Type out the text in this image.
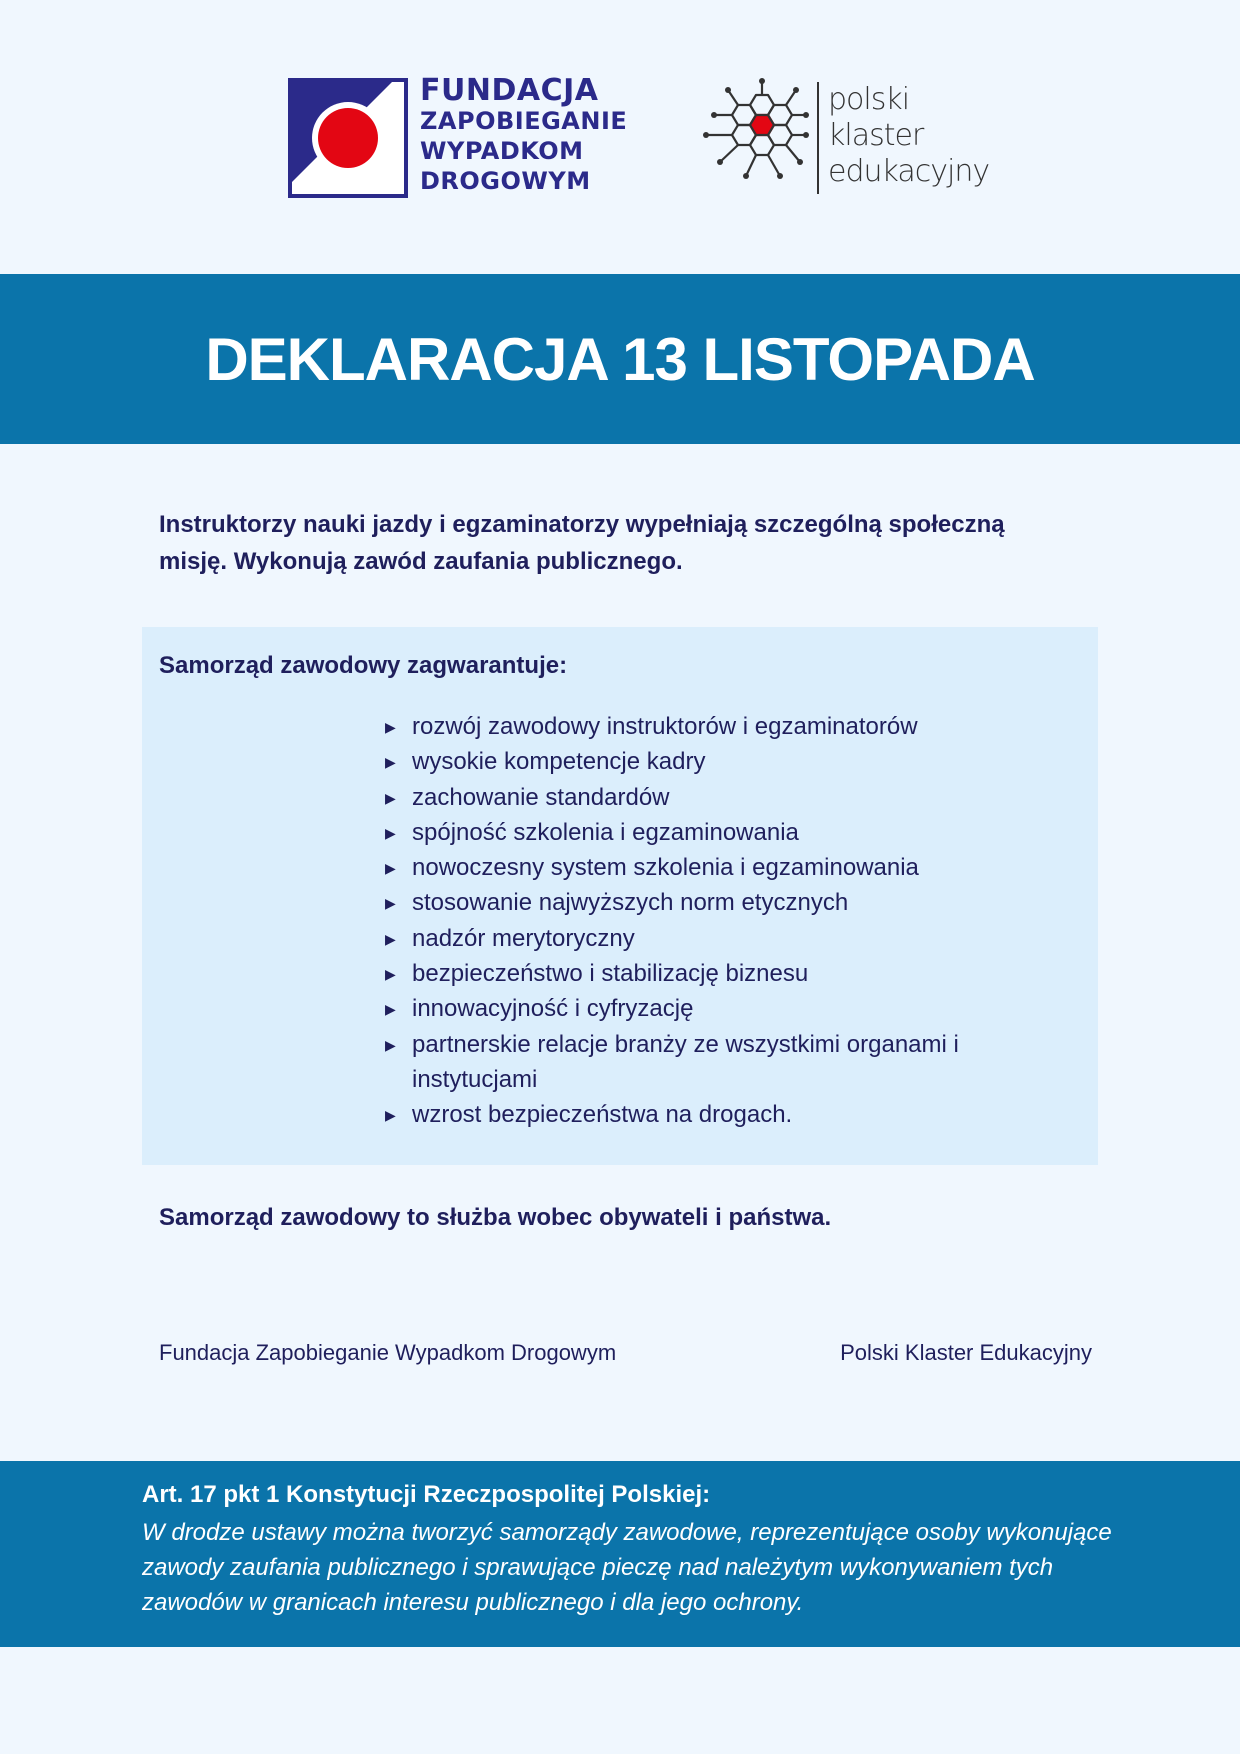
FUNDACJA
ZAPOBIEGANIE
WYPADKOM
DROGOWYM
polski
klaster
edukacyjny
DEKLARACJA 13 LISTOPADA

Instruktorzy nauki jazdy i egzaminatorzy wypełniają szczególną społeczną misję. Wykonują zawód zaufania publicznego.

Samorząd zawodowy zagwarantuje:
▶ rozwój zawodowy instruktorów i egzaminatorów
▶ wysokie kompetencje kadry
▶ zachowanie standardów
▶ spójność szkolenia i egzaminowania
▶ nowoczesny system szkolenia i egzaminowania
▶ stosowanie najwyższych norm etycznych
▶ nadzór merytoryczny
▶ bezpieczeństwo i stabilizację biznesu
▶ innowacyjność i cyfryzację
▶ partnerskie relacje branży ze wszystkimi organami i instytucjami
▶ wzrost bezpieczeństwa na drogach.
Samorząd zawodowy to służba wobec obywateli i państwa.
Fundacja Zapobieganie Wypadkom Drogowym	Polski Klaster Edukacyjny
Art. 17 pkt 1 Konstytucji Rzeczpospolitej Polskiej:
W drodze ustawy można tworzyć samorządy zawodowe, reprezentujące osoby wykonujące zawody zaufania publicznego i sprawujące pieczę nad należytym wykonywaniem tych zawodów w granicach interesu publicznego i dla jego ochrony.
